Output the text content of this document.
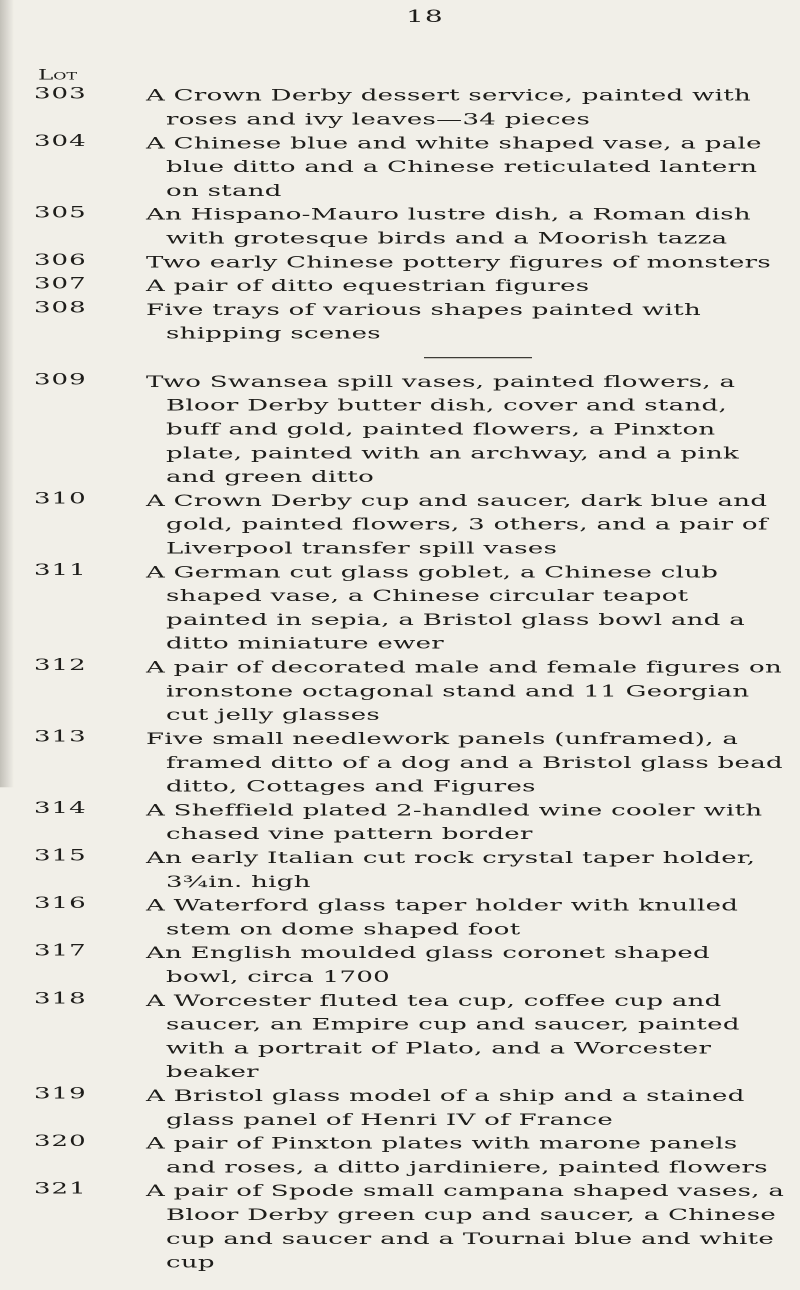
18
Lot
303 A Crown Derby dessert service, painted with roses and ivy leaves—34 pieces
304 A Chinese blue and white shaped vase, a pale blue ditto and a Chinese reticulated lantern on stand
305 An Hispano-Mauro lustre dish, a Roman dish with grotesque birds and a Moorish tazza
306 Two early Chinese pottery figures of monsters
307 A pair of ditto equestrian figures
308 Five trays of various shapes painted with shipping scenes
309 Two Swansea spill vases, painted flowers, a Bloor Derby butter dish, cover and stand, buff and gold, painted flowers, a Pinxton plate, painted with an archway, and a pink and green ditto
310 A Crown Derby cup and saucer, dark blue and gold, painted flowers, 3 others, and a pair of Liverpool transfer spill vases
311 A German cut glass goblet, a Chinese club shaped vase, a Chinese circular teapot painted in sepia, a Bristol glass bowl and a ditto miniature ewer
312 A pair of decorated male and female figures on ironstone octagonal stand and 11 Georgian cut jelly glasses
313 Five small needlework panels (unframed), a framed ditto of a dog and a Bristol glass bead ditto, Cottages and Figures
314 A Sheffield plated 2-handled wine cooler with chased vine pattern border
315 An early Italian cut rock crystal taper holder, 3¾in. high
316 A Waterford glass taper holder with knulled stem on dome shaped foot
317 An English moulded glass coronet shaped bowl, circa 1700
318 A Worcester fluted tea cup, coffee cup and saucer, an Empire cup and saucer, painted with a portrait of Plato, and a Worcester beaker
319 A Bristol glass model of a ship and a stained glass panel of Henri IV of France
320 A pair of Pinxton plates with marone panels and roses, a ditto jardiniere, painted flowers
321 A pair of Spode small campana shaped vases, a Bloor Derby green cup and saucer, a Chinese cup and saucer and a Tournai blue and white cup
